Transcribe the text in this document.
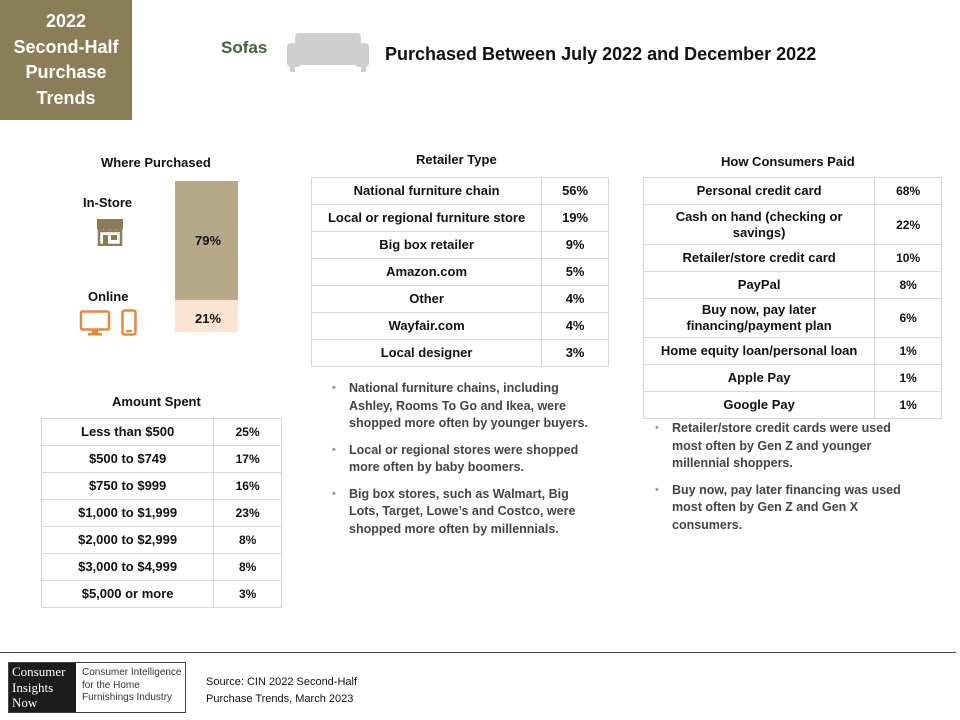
2022
Second-Half
Purchase
Trends
Sofas	Purchased Between July 2022 and December 2022
Where Purchased
In-Store
Online
79%
21%
Retailer Type
National furniture chain	56%
Local or regional furniture store	19%
Big box retailer	9%
Amazon.com	5%
Other	4%
Wayfair.com	4%
Local designer	3%
• National furniture chains, including Ashley, Rooms To Go and Ikea, were shopped more often by younger buyers.
• Local or regional stores were shopped more often by baby boomers.
• Big box stores, such as Walmart, Big Lots, Target, Lowe’s and Costco, were shopped more often by millennials.
How Consumers Paid
Personal credit card	68%
Cash on hand (checking or savings)	22%
Retailer/store credit card	10%
PayPal	8%
Buy now, pay later financing/payment plan	6%
Home equity loan/personal loan	1%
Apple Pay	1%
Google Pay	1%
• Retailer/store credit cards were used most often by Gen Z and younger millennial shoppers.
• Buy now, pay later financing was used most often by Gen Z and Gen X consumers.
Amount Spent
Less than $500	25%
$500 to $749	17%
$750 to $999	16%
$1,000 to $1,999	23%
$2,000 to $2,999	8%
$3,000 to $4,999	8%
$5,000 or more	3%
Consumer
Insights
Now
Consumer Intelligence
for the Home
Furnishings Industry
Source: CIN 2022 Second-Half
Purchase Trends, March 2023
